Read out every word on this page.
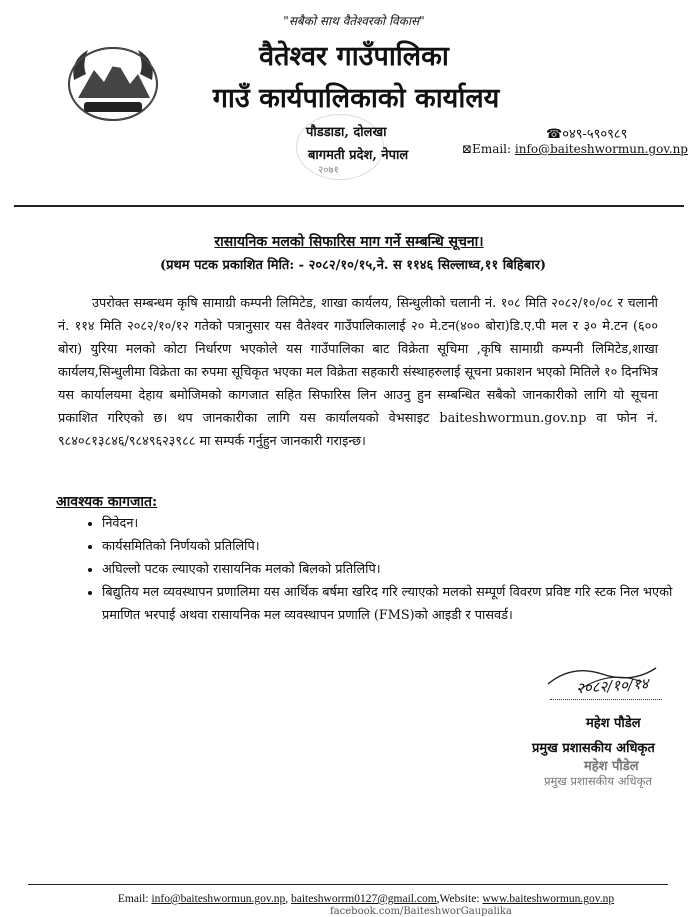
"सबैको साथ वैतेश्वरको विकास"
वैतेश्वर गाउँपालिका
गाउँ कार्यपालिकाको कार्यालय
२०७१
पौडडाडा, दोलखा
बागमती प्रदेश, नेपाल
☎०४९-५९०९८९
⊠Email: info@baiteshwormun.gov.np
रासायनिक मलको सिफारिस माग गर्ने सम्बन्धि सूचना।
(प्रथम पटक प्रकाशित मिति: - २०८२/१०/१५,ने. स ११४६ सिल्लाध्व,११ बिहिबार)

उपरोक्त सम्बन्धम कृषि सामाग्री कम्पनी लिमिटेड, शाखा कार्यलय, सिन्धुलीको चलानी नं. १०८ मिति २०८२/१०/०८ र चलानी नं. ११४ मिति २०८२/१०/१२ गतेको पत्रानुसार यस वैतेश्वर गाउँपालिकालाई २० मे.टन(४०० बोरा)डि.ए.पी मल र ३० मे.टन (६०० बोरा) युरिया मलको कोटा निर्धारण भएकोले यस गाउँपालिका बाट विक्रेता सूचिमा ,कृषि सामाग्री कम्पनी लिमिटेड,शाखा कार्यलय,सिन्धुलीमा विक्रेता का रुपमा सूचिकृत भएका मल विक्रेता सहकारी संस्थाहरुलाई सूचना प्रकाशन भएको मितिले १० दिनभित्र यस कार्यालयमा देहाय बमोजिमको कागजात सहित सिफारिस लिन आउनु हुन सम्बन्धित सबैको जानकारीको लागि यो सूचना प्रकाशित गरिएको छ। थप जानकारीका लागि यस कार्यालयको वेभसाइट baiteshwormun.gov.np वा फोन नं. ९८४०८१३८४६/९८४९६२३९८८ मा सम्पर्क गर्नुहुन जानकारी गराइन्छ।

आवश्यक कागजात:
• निवेदन।
• कार्यसमितिको निर्णयको प्रतिलिपि।
• अघिल्लो पटक ल्याएको रासायनिक मलको बिलको प्रतिलिपि।
• बिद्युतिय मल व्यवस्थापन प्रणालिमा यस आर्थिक बर्षमा खरिद गरि ल्याएको मलको सम्पूर्ण विवरण प्रविष्ट गरि स्टक निल भएको प्रमाणित भरपाई अथवा रासायनिक मल व्यवस्थापन प्रणालि (FMS)को आइडी र पासवर्ड।
२०८२/१०/१४
महेश पौडेल
प्रमुख प्रशासकीय अधिकृत
महेश पौडेल
प्रमुख प्रशासकीय अधिकृत
Email: info@baiteshwormun.gov.np, baiteshworrm0127@gmail.com,Website: www.baiteshwormun.gov.np
facebook.com/BaiteshworGaupalika
